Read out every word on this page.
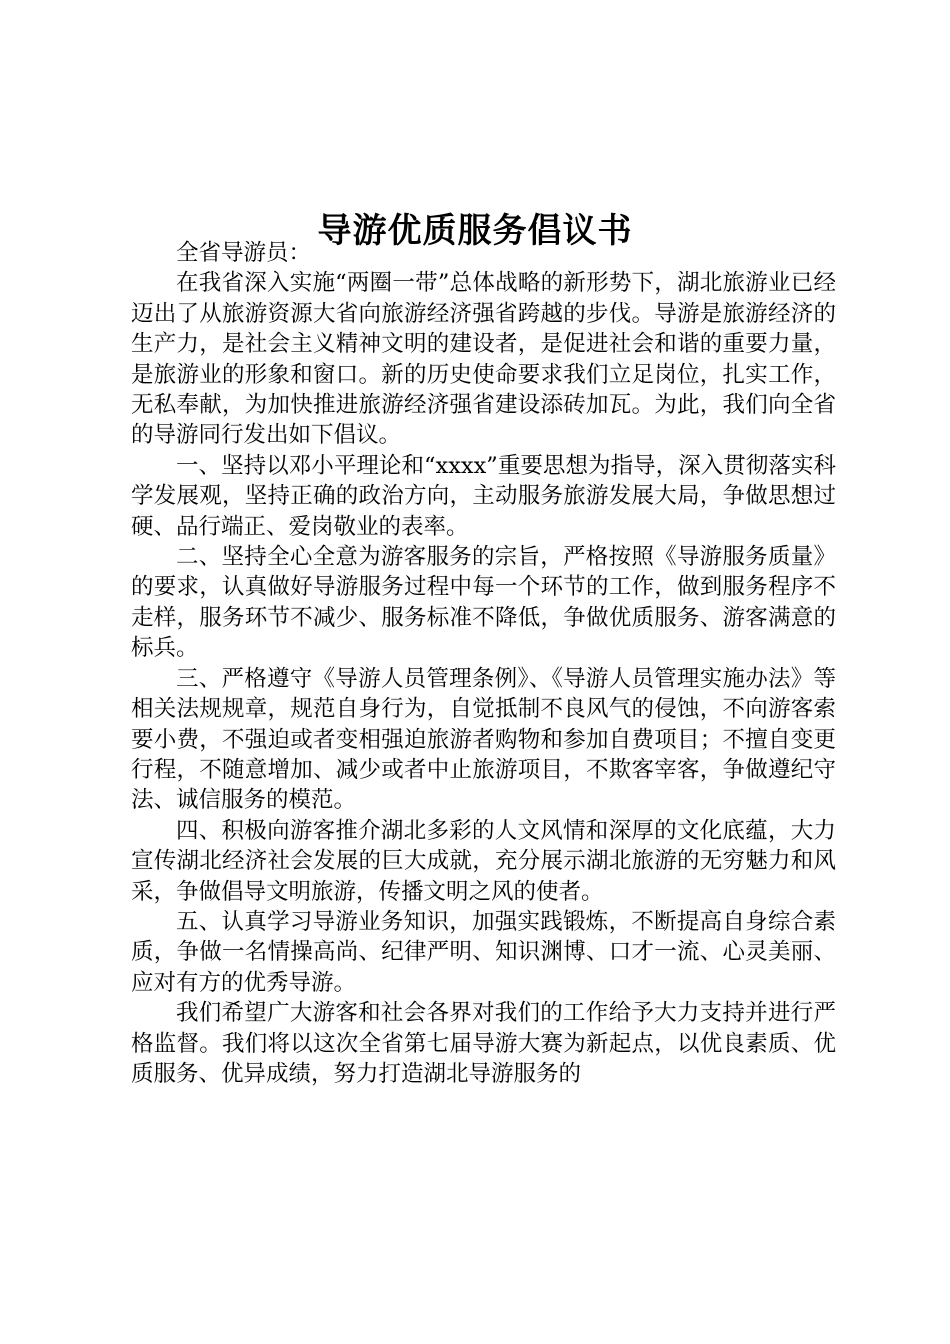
导游优质服务倡议书

全省导游员：

在我省深入实施“两圈一带”总体战略的新形势下，湖北旅游业已经迈出了从旅游资源大省向旅游经济强省跨越的步伐。导游是旅游经济的生产力，是社会主义精神文明的建设者，是促进社会和谐的重要力量，是旅游业的形象和窗口。新的历史使命要求我们立足岗位，扎实工作，无私奉献，为加快推进旅游经济强省建设添砖加瓦。为此，我们向全省的导游同行发出如下倡议。

一、坚持以邓小平理论和“xxxx”重要思想为指导，深入贯彻落实科学发展观，坚持正确的政治方向，主动服务旅游发展大局，争做思想过硬、品行端正、爱岗敬业的表率。

二、坚持全心全意为游客服务的宗旨，严格按照《导游服务质量》的要求，认真做好导游服务过程中每一个环节的工作，做到服务程序不走样，服务环节不减少、服务标准不降低，争做优质服务、游客满意的标兵。

三、严格遵守《导游人员管理条例》、《导游人员管理实施办法》等相关法规规章，规范自身行为，自觉抵制不良风气的侵蚀，不向游客索要小费，不强迫或者变相强迫旅游者购物和参加自费项目；不擅自变更行程，不随意增加、减少或者中止旅游项目，不欺客宰客，争做遵纪守法、诚信服务的模范。

四、积极向游客推介湖北多彩的人文风情和深厚的文化底蕴，大力宣传湖北经济社会发展的巨大成就，充分展示湖北旅游的无穷魅力和风采，争做倡导文明旅游，传播文明之风的使者。

五、认真学习导游业务知识，加强实践锻炼，不断提高自身综合素质，争做一名情操高尚、纪律严明、知识渊博、口才一流、心灵美丽、应对有方的优秀导游。

我们希望广大游客和社会各界对我们的工作给予大力支持并进行严格监督。我们将以这次全省第七届导游大赛为新起点，以优良素质、优质服务、优异成绩，努力打造湖北导游服务的
